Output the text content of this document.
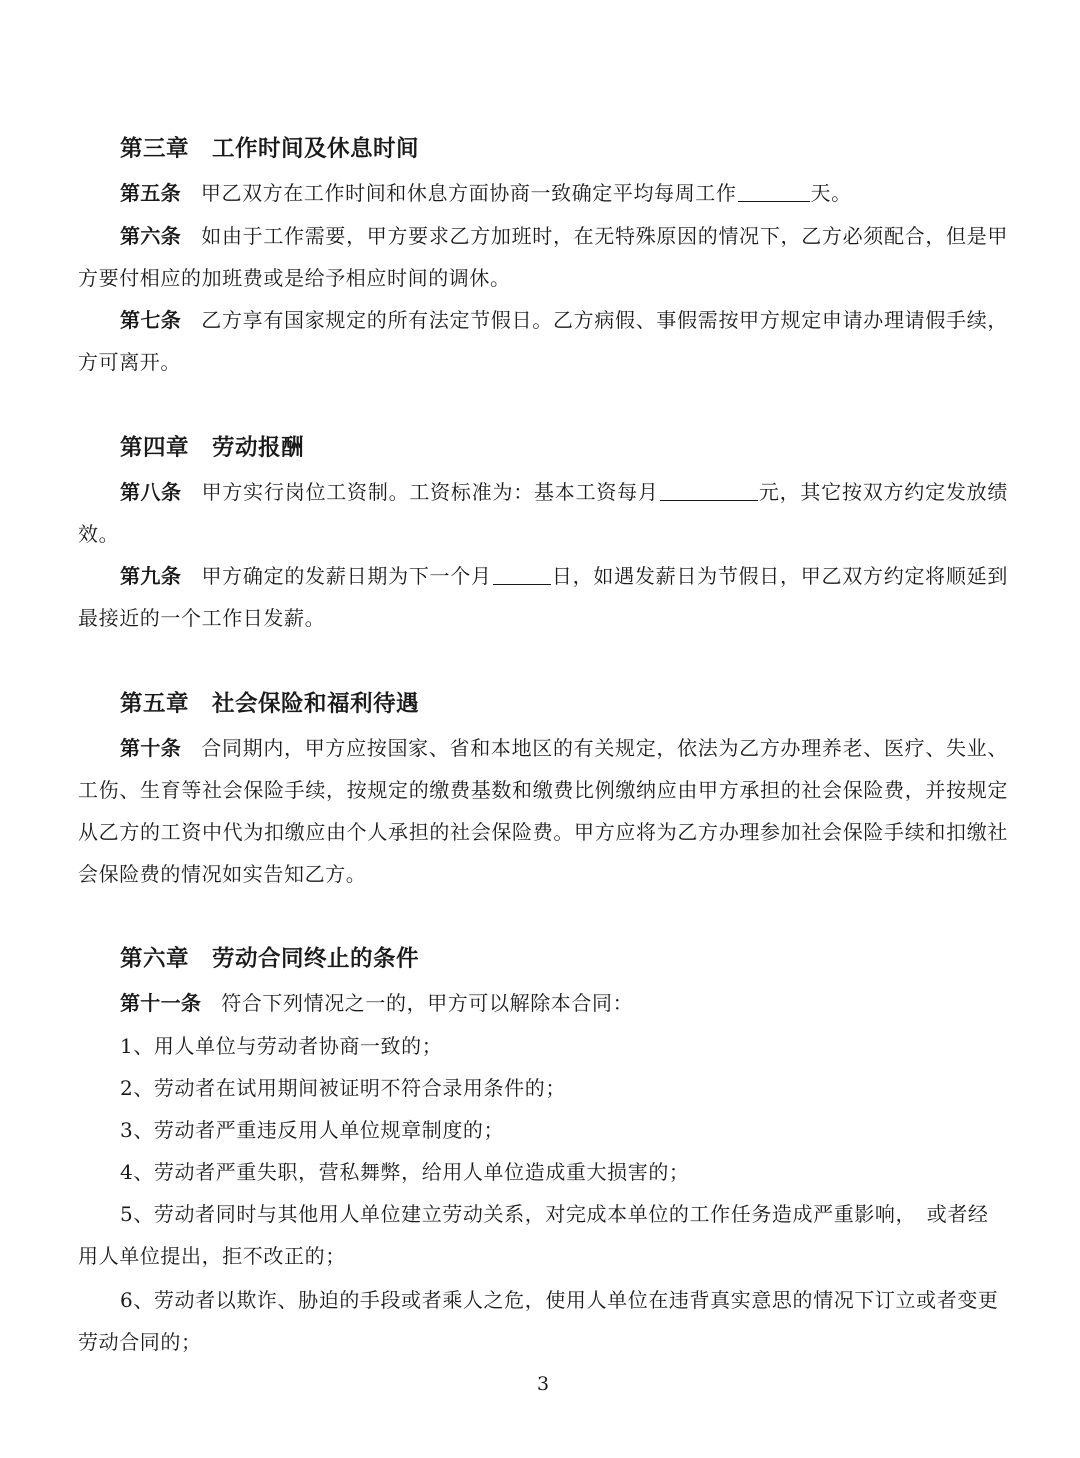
第三章　工作时间及休息时间
第五条 甲乙双方在工作时间和休息方面协商一致确定平均每周工作	天。
第六条 如由于工作需要，甲方要求乙方加班时，在无特殊原因的情况下，乙方必须配合，但是甲方要付相应的加班费或是给予相应时间的调休。
第七条 乙方享有国家规定的所有法定节假日。乙方病假、事假需按甲方规定申请办理请假手续，方可离开。
第四章　劳动报酬
第八条 甲方实行岗位工资制。工资标准为：基本工资每月	元，其它按双方约定发放绩效。
第九条 甲方确定的发薪日期为下一个月	日，如遇发薪日为节假日，甲乙双方约定将顺延到最接近的一个工作日发薪。
第五章　社会保险和福利待遇
第十条 合同期内，甲方应按国家、省和本地区的有关规定，依法为乙方办理养老、医疗、失业、工伤、生育等社会保险手续，按规定的缴费基数和缴费比例缴纳应由甲方承担的社会保险费，并按规定从乙方的工资中代为扣缴应由个人承担的社会保险费。甲方应将为乙方办理参加社会保险手续和扣缴社会保险费的情况如实告知乙方。
第六章　劳动合同终止的条件
第十一条 符合下列情况之一的，甲方可以解除本合同：
1、用人单位与劳动者协商一致的；
2、劳动者在试用期间被证明不符合录用条件的；
3、劳动者严重违反用人单位规章制度的；
4、劳动者严重失职，营私舞弊，给用人单位造成重大损害的；
5、劳动者同时与其他用人单位建立劳动关系，对完成本单位的工作任务造成严重影响，　或者经用人单位提出，拒不改正的；
6、劳动者以欺诈、胁迫的手段或者乘人之危，使用人单位在违背真实意思的情况下订立或者变更劳动合同的；
3
